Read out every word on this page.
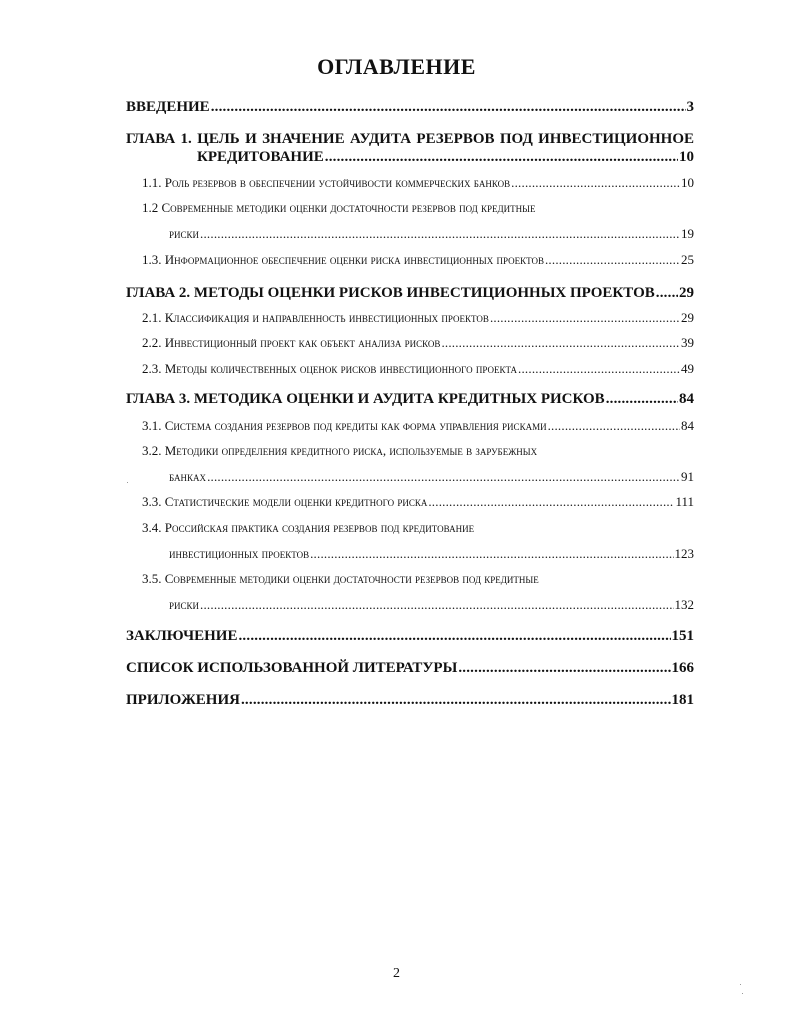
ОГЛАВЛЕНИЕ
ВВЕДЕНИЕ .....	3
ГЛАВА 1. ЦЕЛЬ И ЗНАЧЕНИЕ АУДИТА РЕЗЕРВОВ ПОД ИНВЕСТИЦИОННОЕ
КРЕДИТОВАНИЕ .....	10
1.1. Роль резервов в обеспечении устойчивости коммерческих банков .....	10
1.2 Современные методики оценки достаточности резервов под кредитные
риски .....	19
1.3. Информационное обеспечение оценки риска инвестиционных проектов .....	25
ГЛАВА 2. МЕТОДЫ ОЦЕНКИ РИСКОВ ИНВЕСТИЦИОННЫХ ПРОЕКТОВ ..... 29
2.1. Классификация и направленность инвестиционных проектов .....	29
2.2. Инвестиционный проект как объект анализа рисков .....	39
2.3. Методы количественных оценок рисков инвестиционного проекта .....	49
ГЛАВА 3. МЕТОДИКА ОЦЕНКИ И АУДИТА КРЕДИТНЫХ РИСКОВ .....	84
3.1. Система создания резервов под кредиты как форма управления рисками .....	84
3.2. Методики определения кредитного риска, используемые в зарубежных
банках .....	91
3.3. Статистические модели оценки кредитного риска .....	111
3.4. Российская практика создания резервов под кредитование
инвестиционных проектов .....	123
3.5. Современные методики оценки достаточности резервов под кредитные
риски .....	132
ЗАКЛЮЧЕНИЕ .....	151
СПИСОК ИСПОЛЬЗОВАННОЙ ЛИТЕРАТУРЫ .....	166
ПРИЛОЖЕНИЯ .....	181
2
